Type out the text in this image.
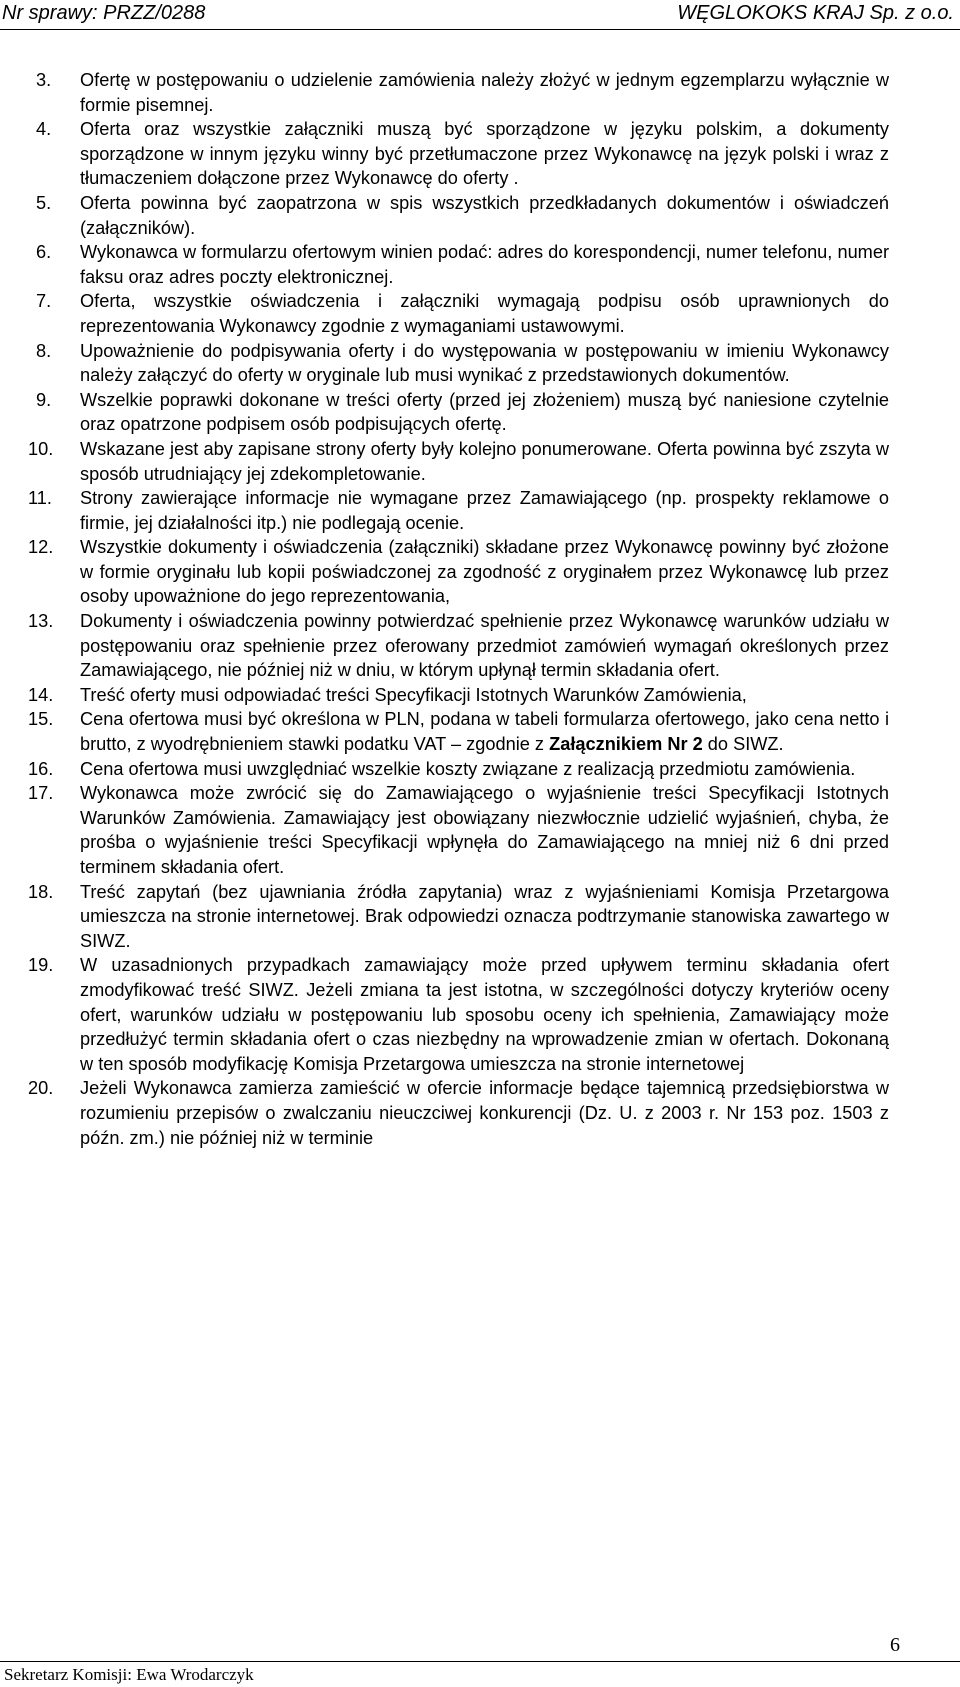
Nr sprawy: PRZZ/0288	WĘGLOKOKS KRAJ Sp. z o.o.
3. Ofertę w postępowaniu o udzielenie zamówienia należy złożyć w jednym egzemplarzu wyłącznie w formie pisemnej.
4. Oferta oraz wszystkie załączniki muszą być sporządzone w języku polskim, a dokumenty sporządzone w innym języku winny być przetłumaczone przez Wykonawcę na język polski i wraz z tłumaczeniem dołączone przez Wykonawcę do oferty .
5. Oferta powinna być zaopatrzona w spis wszystkich przedkładanych dokumentów i oświadczeń (załączników).
6. Wykonawca w formularzu ofertowym winien podać: adres do korespondencji, numer telefonu, numer faksu oraz adres poczty elektronicznej.
7. Oferta, wszystkie oświadczenia i załączniki wymagają podpisu osób uprawnionych do reprezentowania Wykonawcy zgodnie z wymaganiami ustawowymi.
8. Upoważnienie do podpisywania oferty i do występowania w postępowaniu w imieniu Wykonawcy należy załączyć do oferty w oryginale lub musi wynikać z przedstawionych dokumentów.
9. Wszelkie poprawki dokonane w treści oferty (przed jej złożeniem) muszą być naniesione czytelnie oraz opatrzone podpisem osób podpisujących ofertę.
10. Wskazane jest aby zapisane strony oferty były kolejno ponumerowane. Oferta powinna być zszyta w sposób utrudniający jej zdekompletowanie.
11. Strony zawierające informacje nie wymagane przez Zamawiającego (np. prospekty reklamowe o firmie, jej działalności itp.) nie podlegają ocenie.
12. Wszystkie dokumenty i oświadczenia (załączniki) składane przez Wykonawcę powinny być złożone w formie oryginału lub kopii poświadczonej za zgodność z oryginałem przez Wykonawcę lub przez osoby upoważnione do jego reprezentowania,
13. Dokumenty i oświadczenia powinny potwierdzać spełnienie przez Wykonawcę warunków udziału w postępowaniu oraz spełnienie przez oferowany przedmiot zamówień wymagań określonych przez Zamawiającego, nie później niż w dniu, w którym upłynął termin składania ofert.
14. Treść oferty musi odpowiadać treści Specyfikacji Istotnych Warunków Zamówienia,
15. Cena ofertowa musi być określona w PLN, podana w tabeli formularza ofertowego, jako cena netto i brutto, z wyodrębnieniem stawki podatku VAT – zgodnie z Załącznikiem Nr 2 do SIWZ.
16. Cena ofertowa musi uwzględniać wszelkie koszty związane z realizacją przedmiotu zamówienia.
17. Wykonawca może zwrócić się do Zamawiającego o wyjaśnienie treści Specyfikacji Istotnych Warunków Zamówienia. Zamawiający jest obowiązany niezwłocznie udzielić wyjaśnień, chyba, że prośba o wyjaśnienie treści Specyfikacji wpłynęła do Zamawiającego na mniej niż 6 dni przed terminem składania ofert.
18. Treść zapytań (bez ujawniania źródła zapytania) wraz z wyjaśnieniami Komisja Przetargowa umieszcza na stronie internetowej. Brak odpowiedzi oznacza podtrzymanie stanowiska zawartego w SIWZ.
19. W uzasadnionych przypadkach zamawiający może przed upływem terminu składania ofert zmodyfikować treść SIWZ. Jeżeli zmiana ta jest istotna, w szczególności dotyczy kryteriów oceny ofert, warunków udziału w postępowaniu lub sposobu oceny ich spełnienia, Zamawiający może przedłużyć termin składania ofert o czas niezbędny na wprowadzenie zmian w ofertach. Dokonaną w ten sposób modyfikację Komisja Przetargowa umieszcza na stronie internetowej
20. Jeżeli Wykonawca zamierza zamieścić w ofercie informacje będące tajemnicą przedsiębiorstwa w rozumieniu przepisów o zwalczaniu nieuczciwej konkurencji (Dz. U. z 2003 r. Nr 153 poz. 1503 z późn. zm.) nie później niż w terminie
6
Sekretarz Komisji: Ewa Wrodarczyk
